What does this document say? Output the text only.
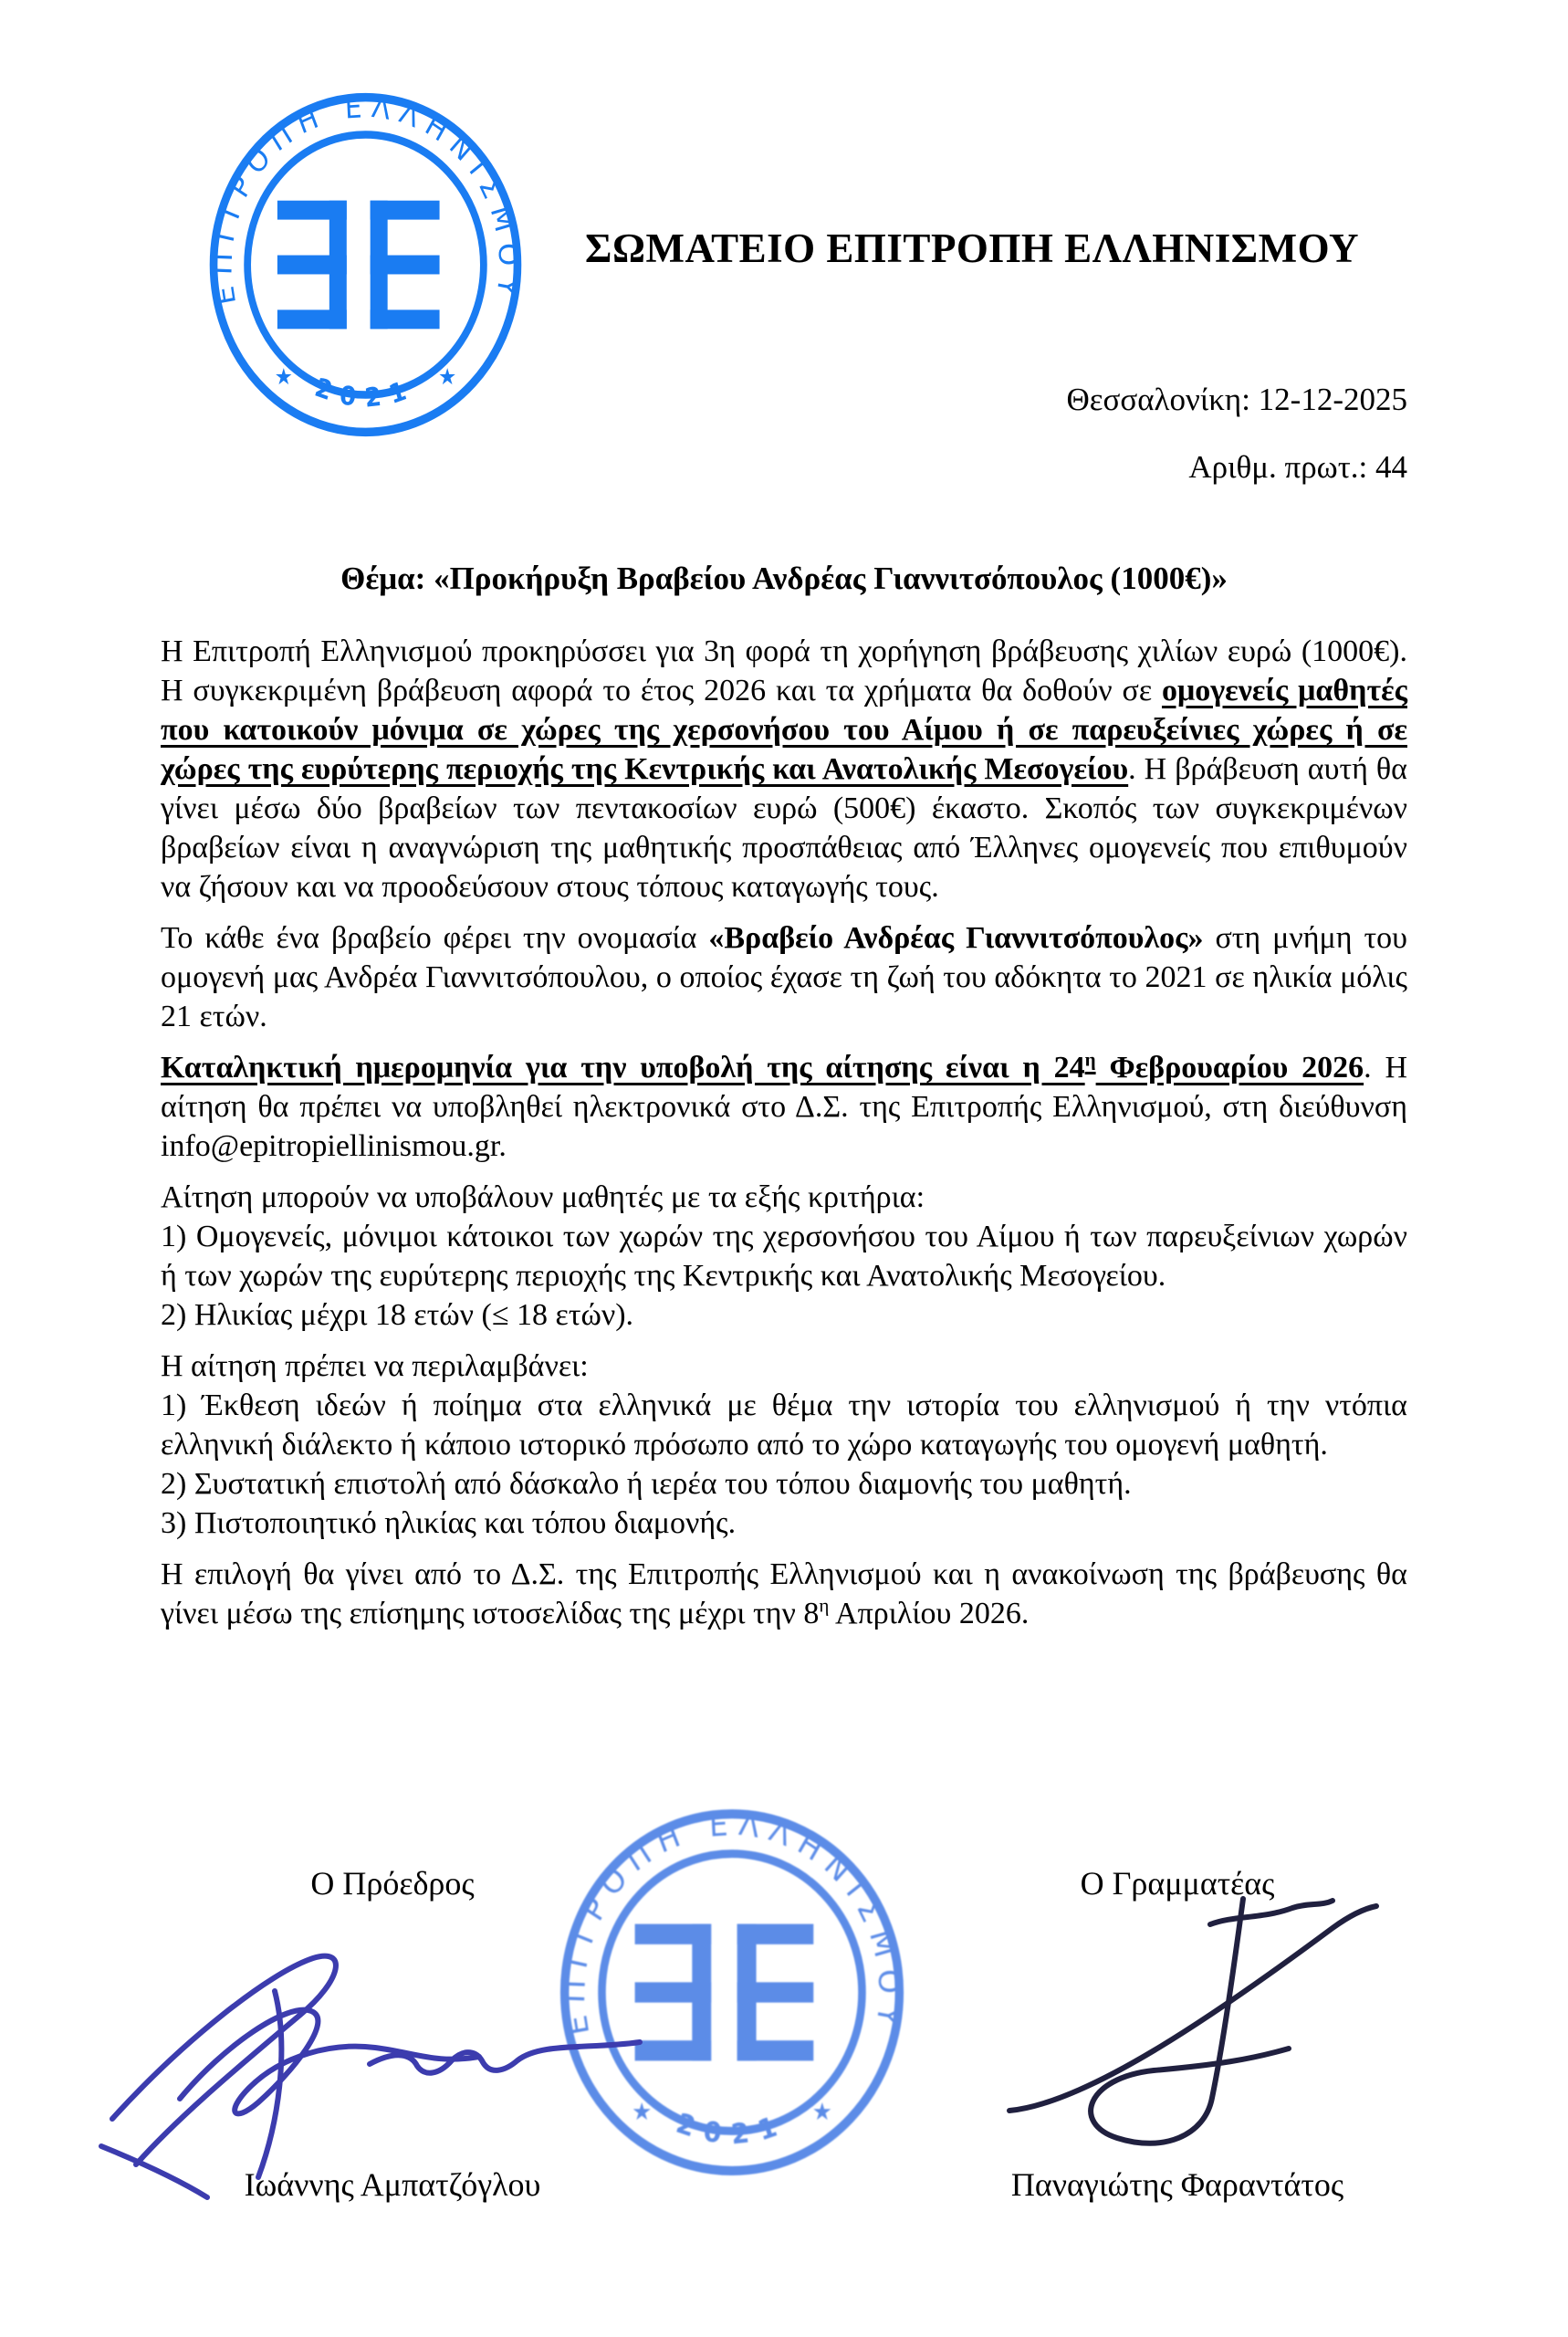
ΣΩΜΑΤΕΙΟ ΕΠΙΤΡΟΠΗ ΕΛΛΗΝΙΣΜΟΥ
Θεσσαλονίκη: 12-12-2025
Αριθμ. πρωτ.: 44
Θέμα: «Προκήρυξη Βραβείου Ανδρέας Γιαννιτσόπουλος (1000€)»

Η Επιτροπή Ελληνισμού προκηρύσσει για 3η φορά τη χορήγηση βράβευσης χιλίων ευρώ (1000€). Η συγκεκριμένη βράβευση αφορά το έτος 2026 και τα χρήματα θα δοθούν σε ομογενείς μαθητές που κατοικούν μόνιμα σε χώρες της χερσονήσου του Αίμου ή σε παρευξείνιες χώρες ή σε χώρες της ευρύτερης περιοχής της Κεντρικής και Ανατολικής Μεσογείου. Η βράβευση αυτή θα γίνει μέσω δύο βραβείων των πεντακοσίων ευρώ (500€) έκαστο. Σκοπός των συγκεκριμένων βραβείων είναι η αναγνώριση της μαθητικής προσπάθειας από Έλληνες ομογενείς που επιθυμούν να ζήσουν και να προοδεύσουν στους τόπους καταγωγής τους.

Το κάθε ένα βραβείο φέρει την ονομασία «Βραβείο Ανδρέας Γιαννιτσόπουλος» στη μνήμη του ομογενή μας Ανδρέα Γιαννιτσόπουλου, ο οποίος έχασε τη ζωή του αδόκητα το 2021 σε ηλικία μόλις 21 ετών.

Καταληκτική ημερομηνία για την υποβολή της αίτησης είναι η $24^\eta$ Φεβρουαρίου 2026. Η αίτηση θα πρέπει να υποβληθεί ηλεκτρονικά στο Δ.Σ. της Επιτροπής Ελληνισμού, στη διεύθυνση info@epitropiellinismou.gr.

Αίτηση μπορούν να υποβάλουν μαθητές με τα εξής κριτήρια:
1) Ομογενείς, μόνιμοι κάτοικοι των χωρών της χερσονήσου του Αίμου ή των παρευξείνιων χωρών ή των χωρών της ευρύτερης περιοχής της Κεντρικής και Ανατολικής Μεσογείου.
2) Ηλικίας μέχρι 18 ετών (≤ 18 ετών).

Η αίτηση πρέπει να περιλαμβάνει:
1) Έκθεση ιδεών ή ποίημα στα ελληνικά με θέμα την ιστορία του ελληνισμού ή την ντόπια ελληνική διάλεκτο ή κάποιο ιστορικό πρόσωπο από το χώρο καταγωγής του ομογενή μαθητή.
2) Συστατική επιστολή από δάσκαλο ή ιερέα του τόπου διαμονής του μαθητή.
3) Πιστοποιητικό ηλικίας και τόπου διαμονής.

Η επιλογή θα γίνει από το Δ.Σ. της Επιτροπής Ελληνισμού και η ανακοίνωση της βράβευσης θα γίνει μέσω της επίσημης ιστοσελίδας της μέχρι την $8^\eta$ Απριλίου 2026.

Ο Πρόεδρος	Ο Γραμματέας
Ιωάννης Αμπατζόγλου	Παναγιώτης Φαραντάτος
